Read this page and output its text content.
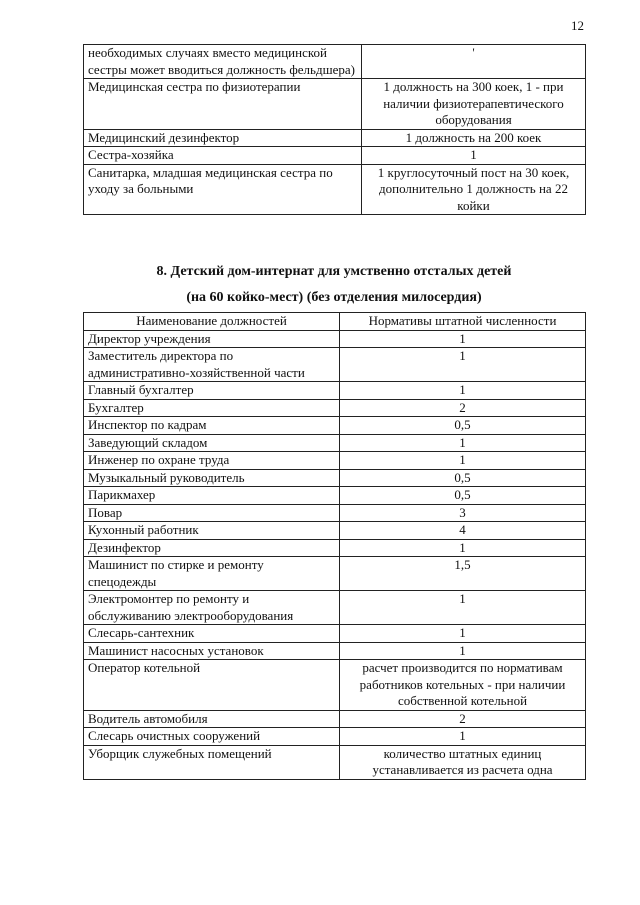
12
необходимых случаях вместо медицинской сестры может вводиться должность фельдшера)	'
Медицинская сестра по физиотерапии	1 должность на 300 коек, 1 - при наличии физиотерапевтического оборудования
Медицинский дезинфектор	1 должность на 200 коек
Сестра-хозяйка	1
Санитарка, младшая медицинская сестра по уходу за больными	1 круглосуточный пост на 30 коек, дополнительно 1 должность на 22 койки
8. Детский дом-интернат для умственно отсталых детей
(на 60 койко-мест) (без отделения милосердия)
Наименование должностей	Нормативы штатной численности
Директор учреждения	1
Заместитель директора по административно-хозяйственной части	1
Главный бухгалтер	1
Бухгалтер	2
Инспектор по кадрам	0,5
Заведующий складом	1
Инженер по охране труда	1
Музыкальный руководитель	0,5
Парикмахер	0,5
Повар	3
Кухонный работник	4
Дезинфектор	1
Машинист по стирке и ремонту спецодежды	1,5
Электромонтер по ремонту и обслуживанию электрооборудования	1
Слесарь-сантехник	1
Машинист насосных установок	1
Оператор котельной	расчет производится по нормативам работников котельных - при наличии собственной котельной
Водитель автомобиля	2
Слесарь очистных сооружений	1
Уборщик служебных помещений	количество штатных единиц устанавливается из расчета одна
